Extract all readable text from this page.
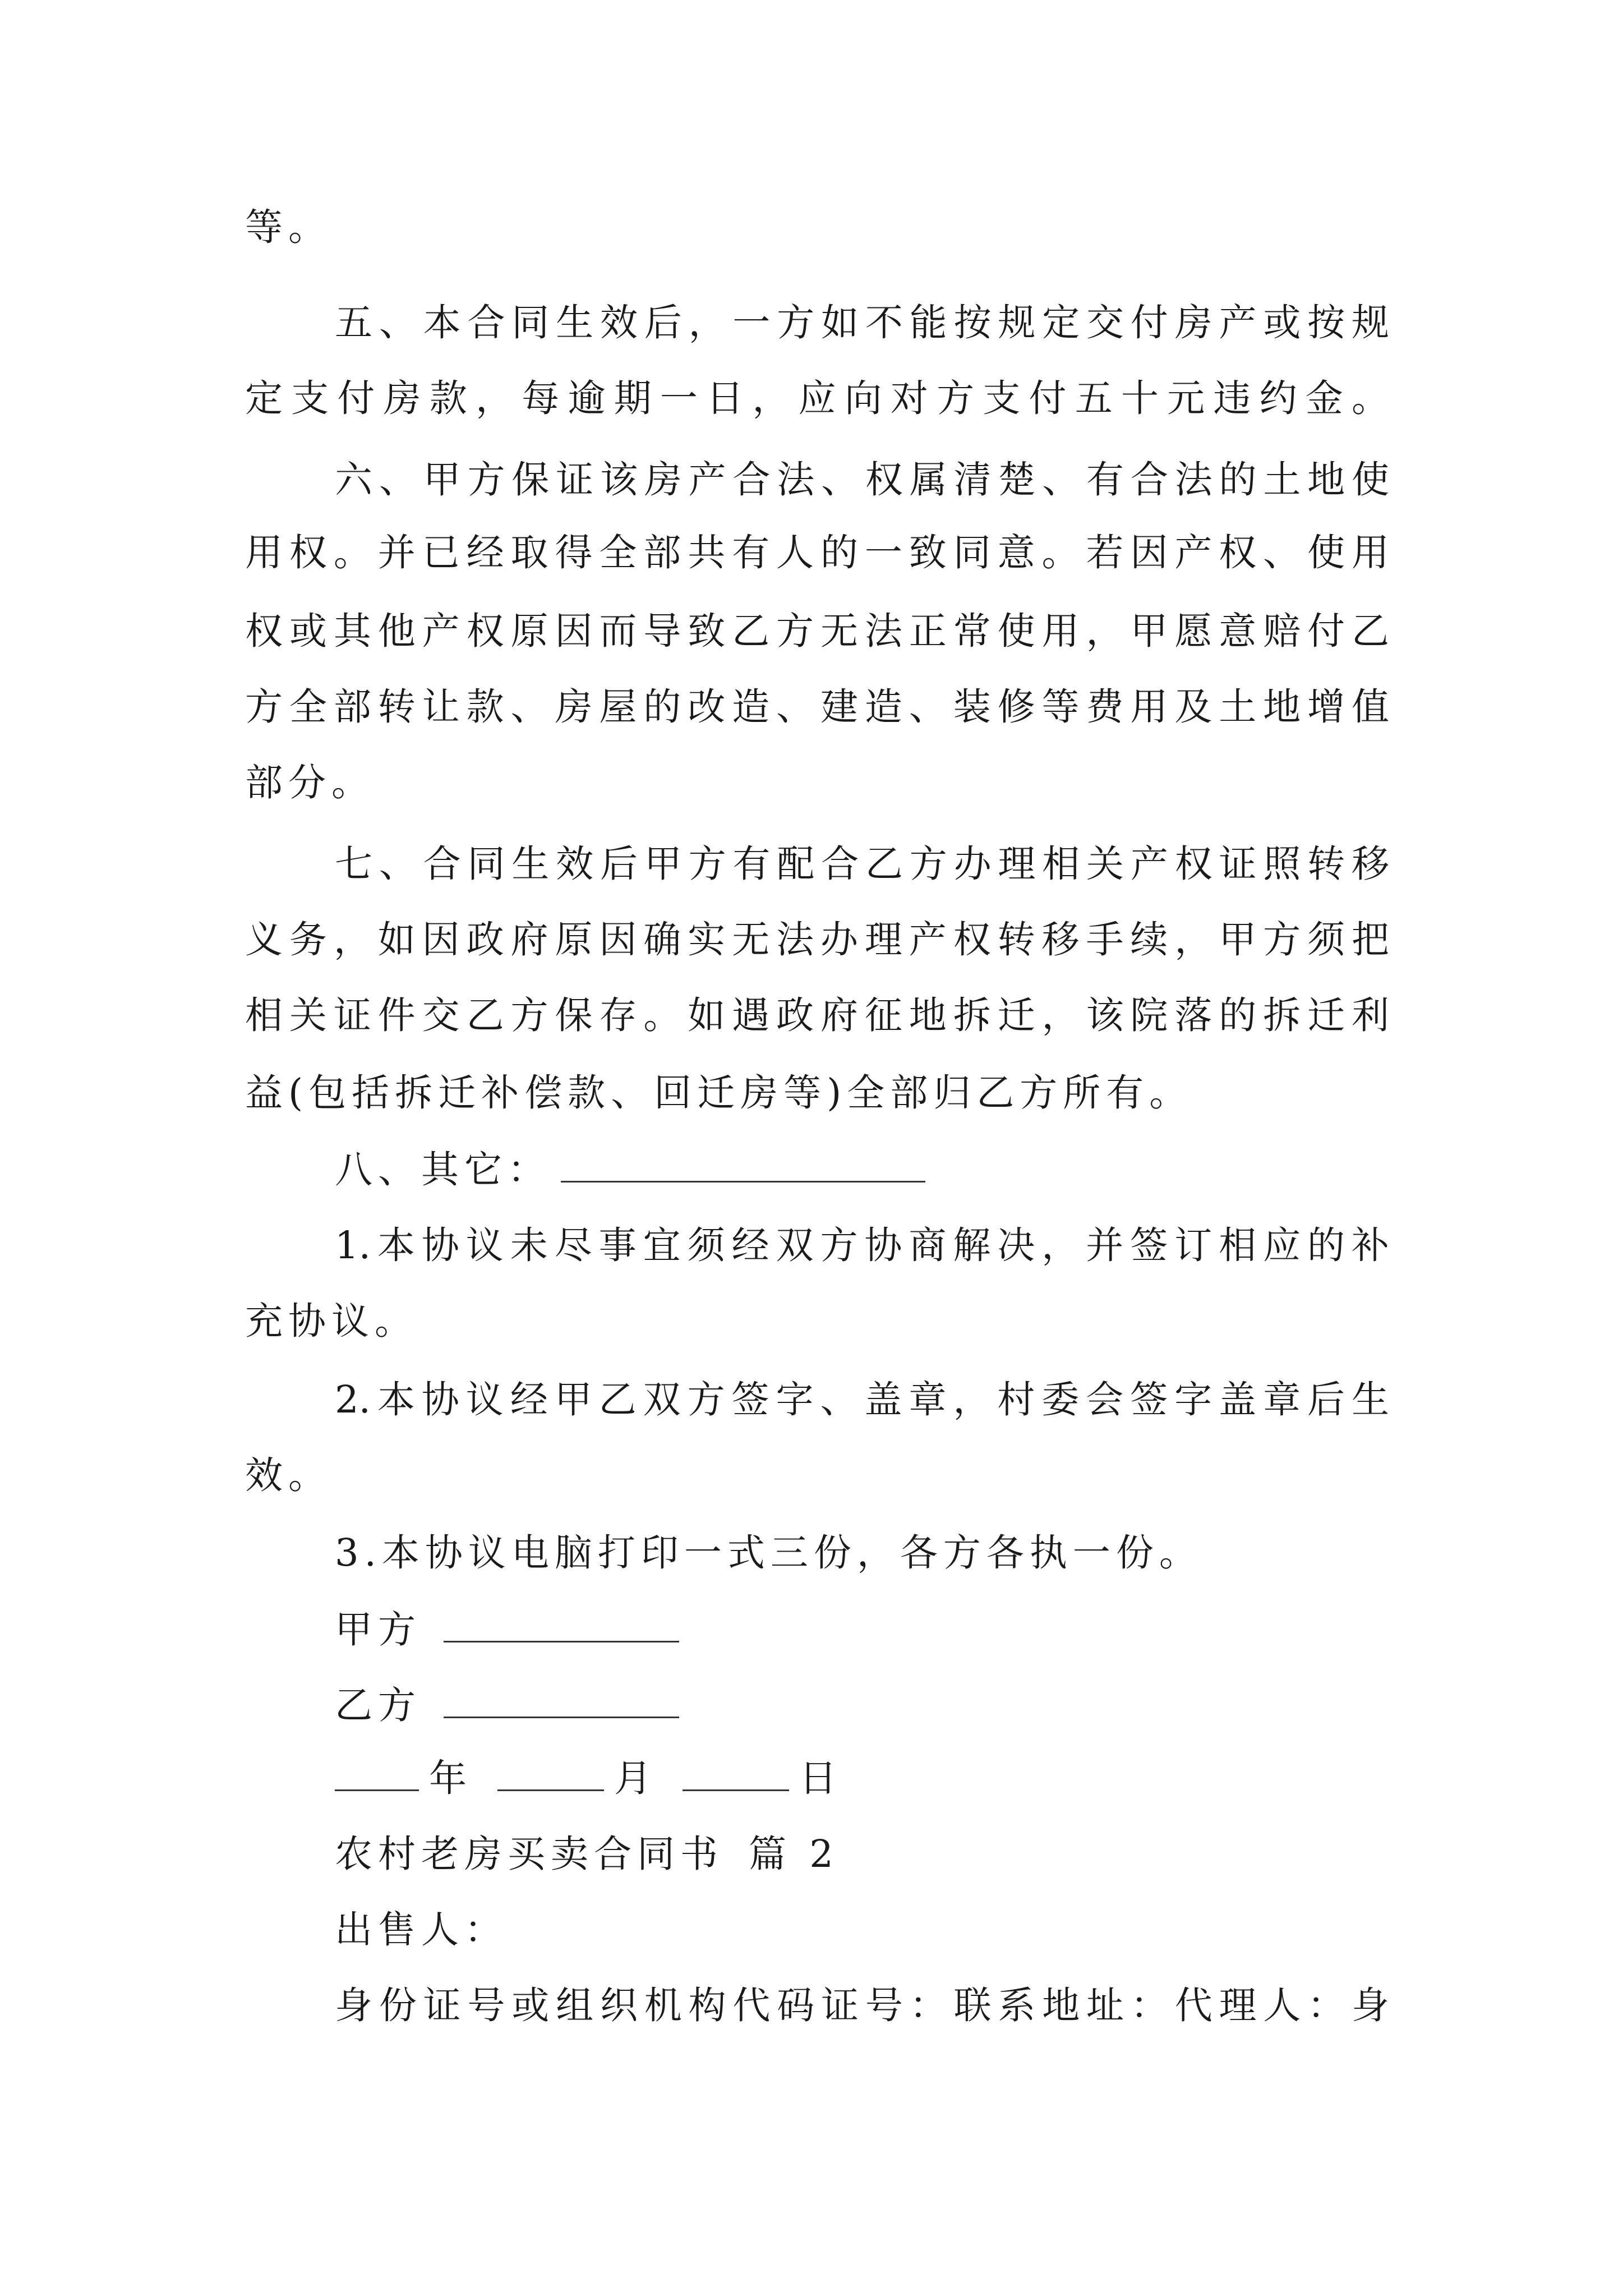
等。
五、本合同生效后，一方如不能按规定交付房产或按规
定支付房款，每逾期一日，应向对方支付五十元违约金。
六、甲方保证该房产合法、权属清楚、有合法的土地使
用权。并已经取得全部共有人的一致同意。若因产权、使用
权或其他产权原因而导致乙方无法正常使用，甲愿意赔付乙
方全部转让款、房屋的改造、建造、装修等费用及土地增值
部分。
七、合同生效后甲方有配合乙方办理相关产权证照转移
义务，如因政府原因确实无法办理产权转移手续，甲方须把
相关证件交乙方保存。如遇政府征地拆迁，该院落的拆迁利
益(包括拆迁补偿款、回迁房等)全部归乙方所有。
八、其它：
1.本协议未尽事宜须经双方协商解决，并签订相应的补
充协议。
2.本协议经甲乙双方签字、盖章，村委会签字盖章后生
效。
3.本协议电脑打印一式三份，各方各执一份。
甲方
乙方
年	月	日
农村老房买卖合同书 篇 2
出售人：
身份证号或组织机构代码证号：联系地址：代理人：身
